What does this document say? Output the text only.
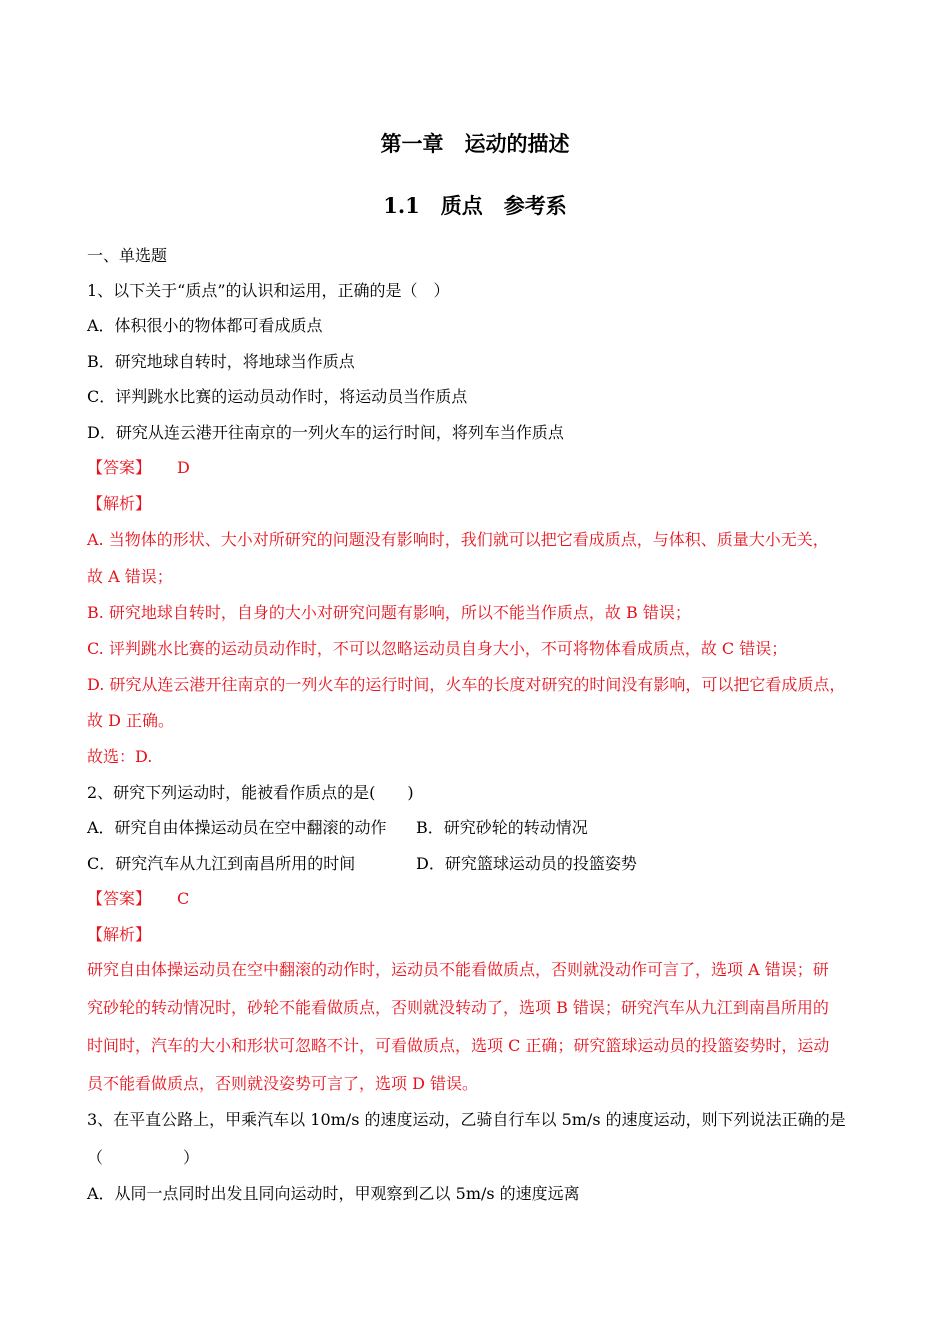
第一章　运动的描述
1.1　质点　参考系
一、单选题
1、以下关于“质点”的认识和运用，正确的是（　）
A．体积很小的物体都可看成质点
B．研究地球自转时，将地球当作质点
C．评判跳水比赛的运动员动作时，将运动员当作质点
D．研究从连云港开往南京的一列火车的运行时间，将列车当作质点
【答案】 D
【解析】
A. 当物体的形状、大小对所研究的问题没有影响时，我们就可以把它看成质点，与体积、质量大小无关，
故 A 错误；
B. 研究地球自转时，自身的大小对研究问题有影响，所以不能当作质点，故 B 错误；
C. 评判跳水比赛的运动员动作时，不可以忽略运动员自身大小，不可将物体看成质点，故 C 错误；
D. 研究从连云港开往南京的一列火车的运行时间，火车的长度对研究的时间没有影响，可以把它看成质点，
故 D 正确。
故选：D.
2、研究下列运动时，能被看作质点的是(　　)
A．研究自由体操运动员在空中翻滚的动作 B．研究砂轮的转动情况
C．研究汽车从九江到南昌所用的时间	D．研究篮球运动员的投篮姿势
【答案】 C
【解析】
研究自由体操运动员在空中翻滚的动作时，运动员不能看做质点，否则就没动作可言了，选项 A 错误；研
究砂轮的转动情况时，砂轮不能看做质点，否则就没转动了，选项 B 错误；研究汽车从九江到南昌所用的
时间时，汽车的大小和形状可忽略不计，可看做质点，选项 C 正确；研究篮球运动员的投篮姿势时，运动
员不能看做质点，否则就没姿势可言了，选项 D 错误。
3、在平直公路上，甲乘汽车以 10m/s 的速度运动，乙骑自行车以 5m/s 的速度运动，则下列说法正确的是
（　　　　　）
A．从同一点同时出发且同向运动时，甲观察到乙以 5m/s 的速度远离
